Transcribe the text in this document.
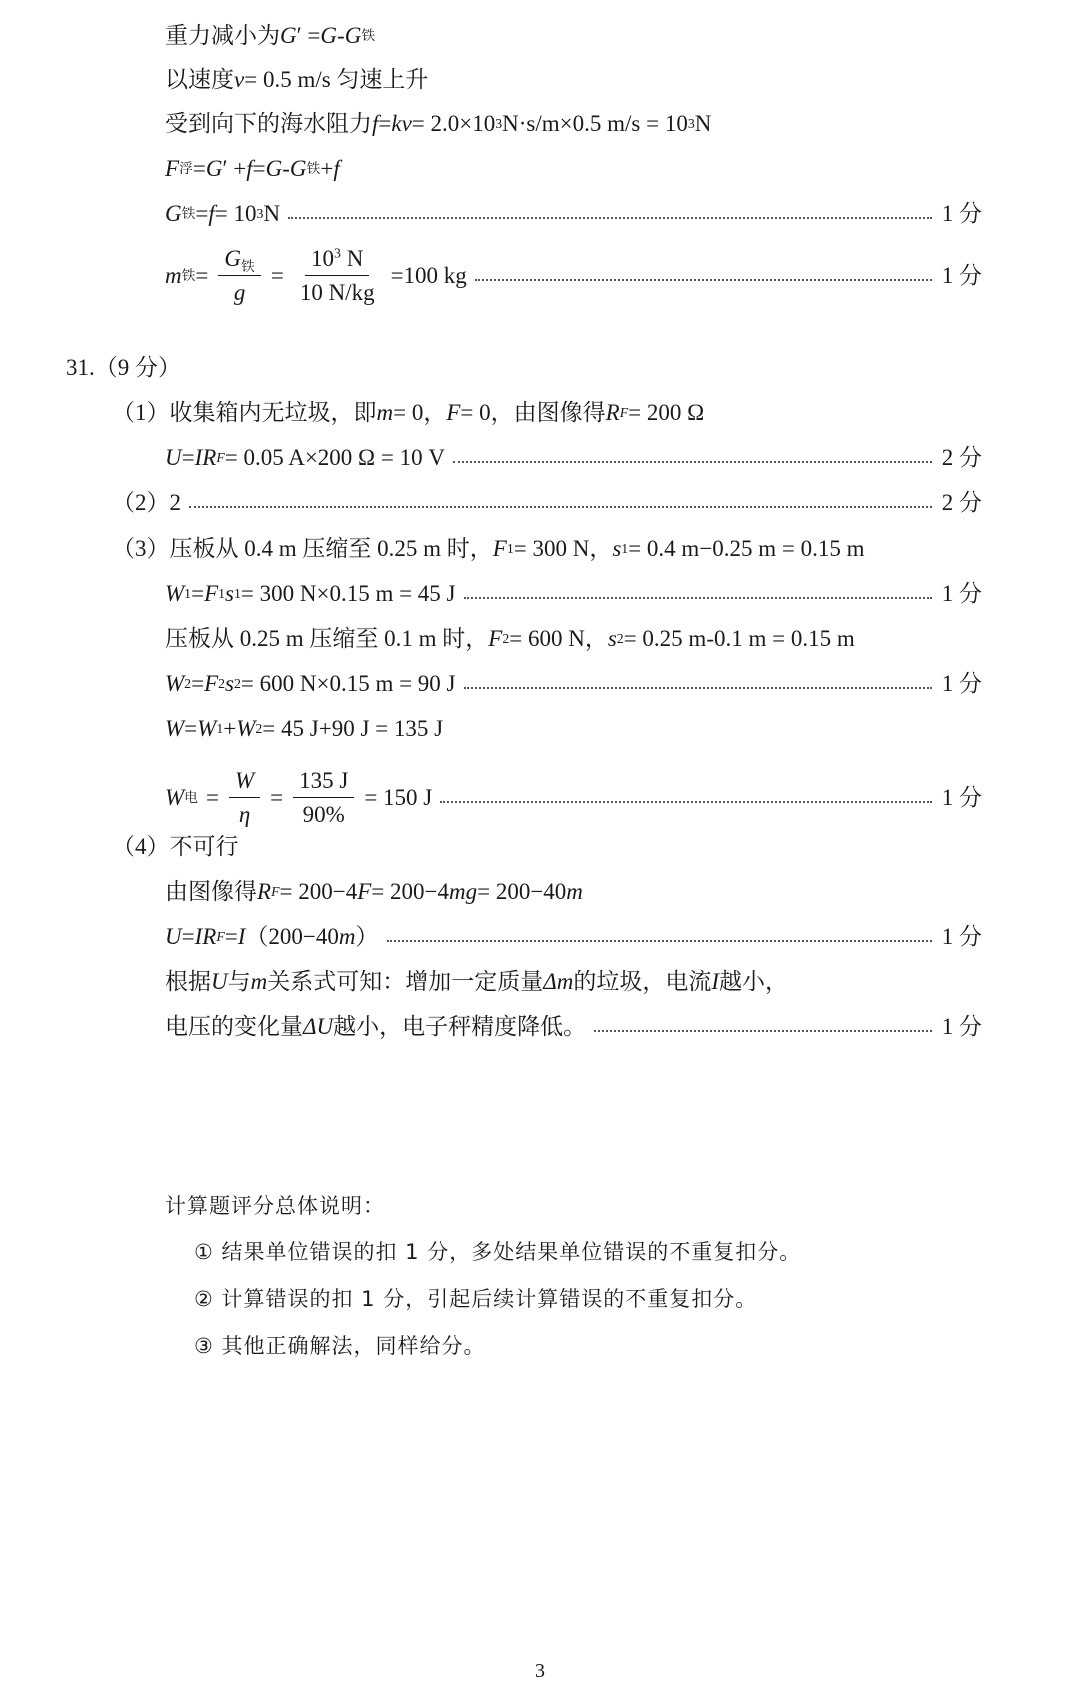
重力减小为 G ′ = G - G 铁
以速度 v = 0.5 m/s 匀速上升
受到向下的海水阻力 f = kv = 2.0×10 3 N·s/m×0.5 m/s = 10 3 N
F 浮 = G ′ + f = G - G 铁 + f
G 铁 = f = 10 3 N	1 分
m 铁 = $\frac{G_铁}{g} = \frac{10^3 N}{10 N/kg} =100$ kg	1 分
31.（9 分）
（1）收集箱内无垃圾，即 m = 0， F = 0，由图像得 R F = 200 Ω
U = IR F = 0.05 A×200 Ω = 10 V	2 分
（2）2	2 分
（3）压板从 0.4 m 压缩至 0.25 m 时， F 1 = 300 N， s 1 = 0.4 m−0.25 m = 0.15 m
W 1 = F 1 s 1 = 300 N×0.15 m = 45 J	1 分
压板从 0.25 m 压缩至 0.1 m 时， F 2 = 600 N， s 2 = 0.25 m-0.1 m = 0.15 m
W 2 = F 2 s 2 = 600 N×0.15 m = 90 J	1 分
W = W 1 + W 2 = 45 J+90 J = 135 J
W 电 = $\frac{W}{\eta} = \frac{135 J}{90\%} = 150$ J	1 分
（4）不可行
由图像得 R F = 200−4 F = 200−4 mg = 200−40 m
U = IR F = I （200−40 m ）	1 分
根据 U 与 m 关系式可知：增加一定质量 Δm 的垃圾，电流 I 越小，
电压的变化量 ΔU 越小，电子秤精度降低。	1 分
计算题评分总体说明：
① 结果单位错误的扣 1 分，多处结果单位错误的不重复扣分。
② 计算错误的扣 1 分，引起后续计算错误的不重复扣分。
③ 其他正确解法，同样给分。
3
